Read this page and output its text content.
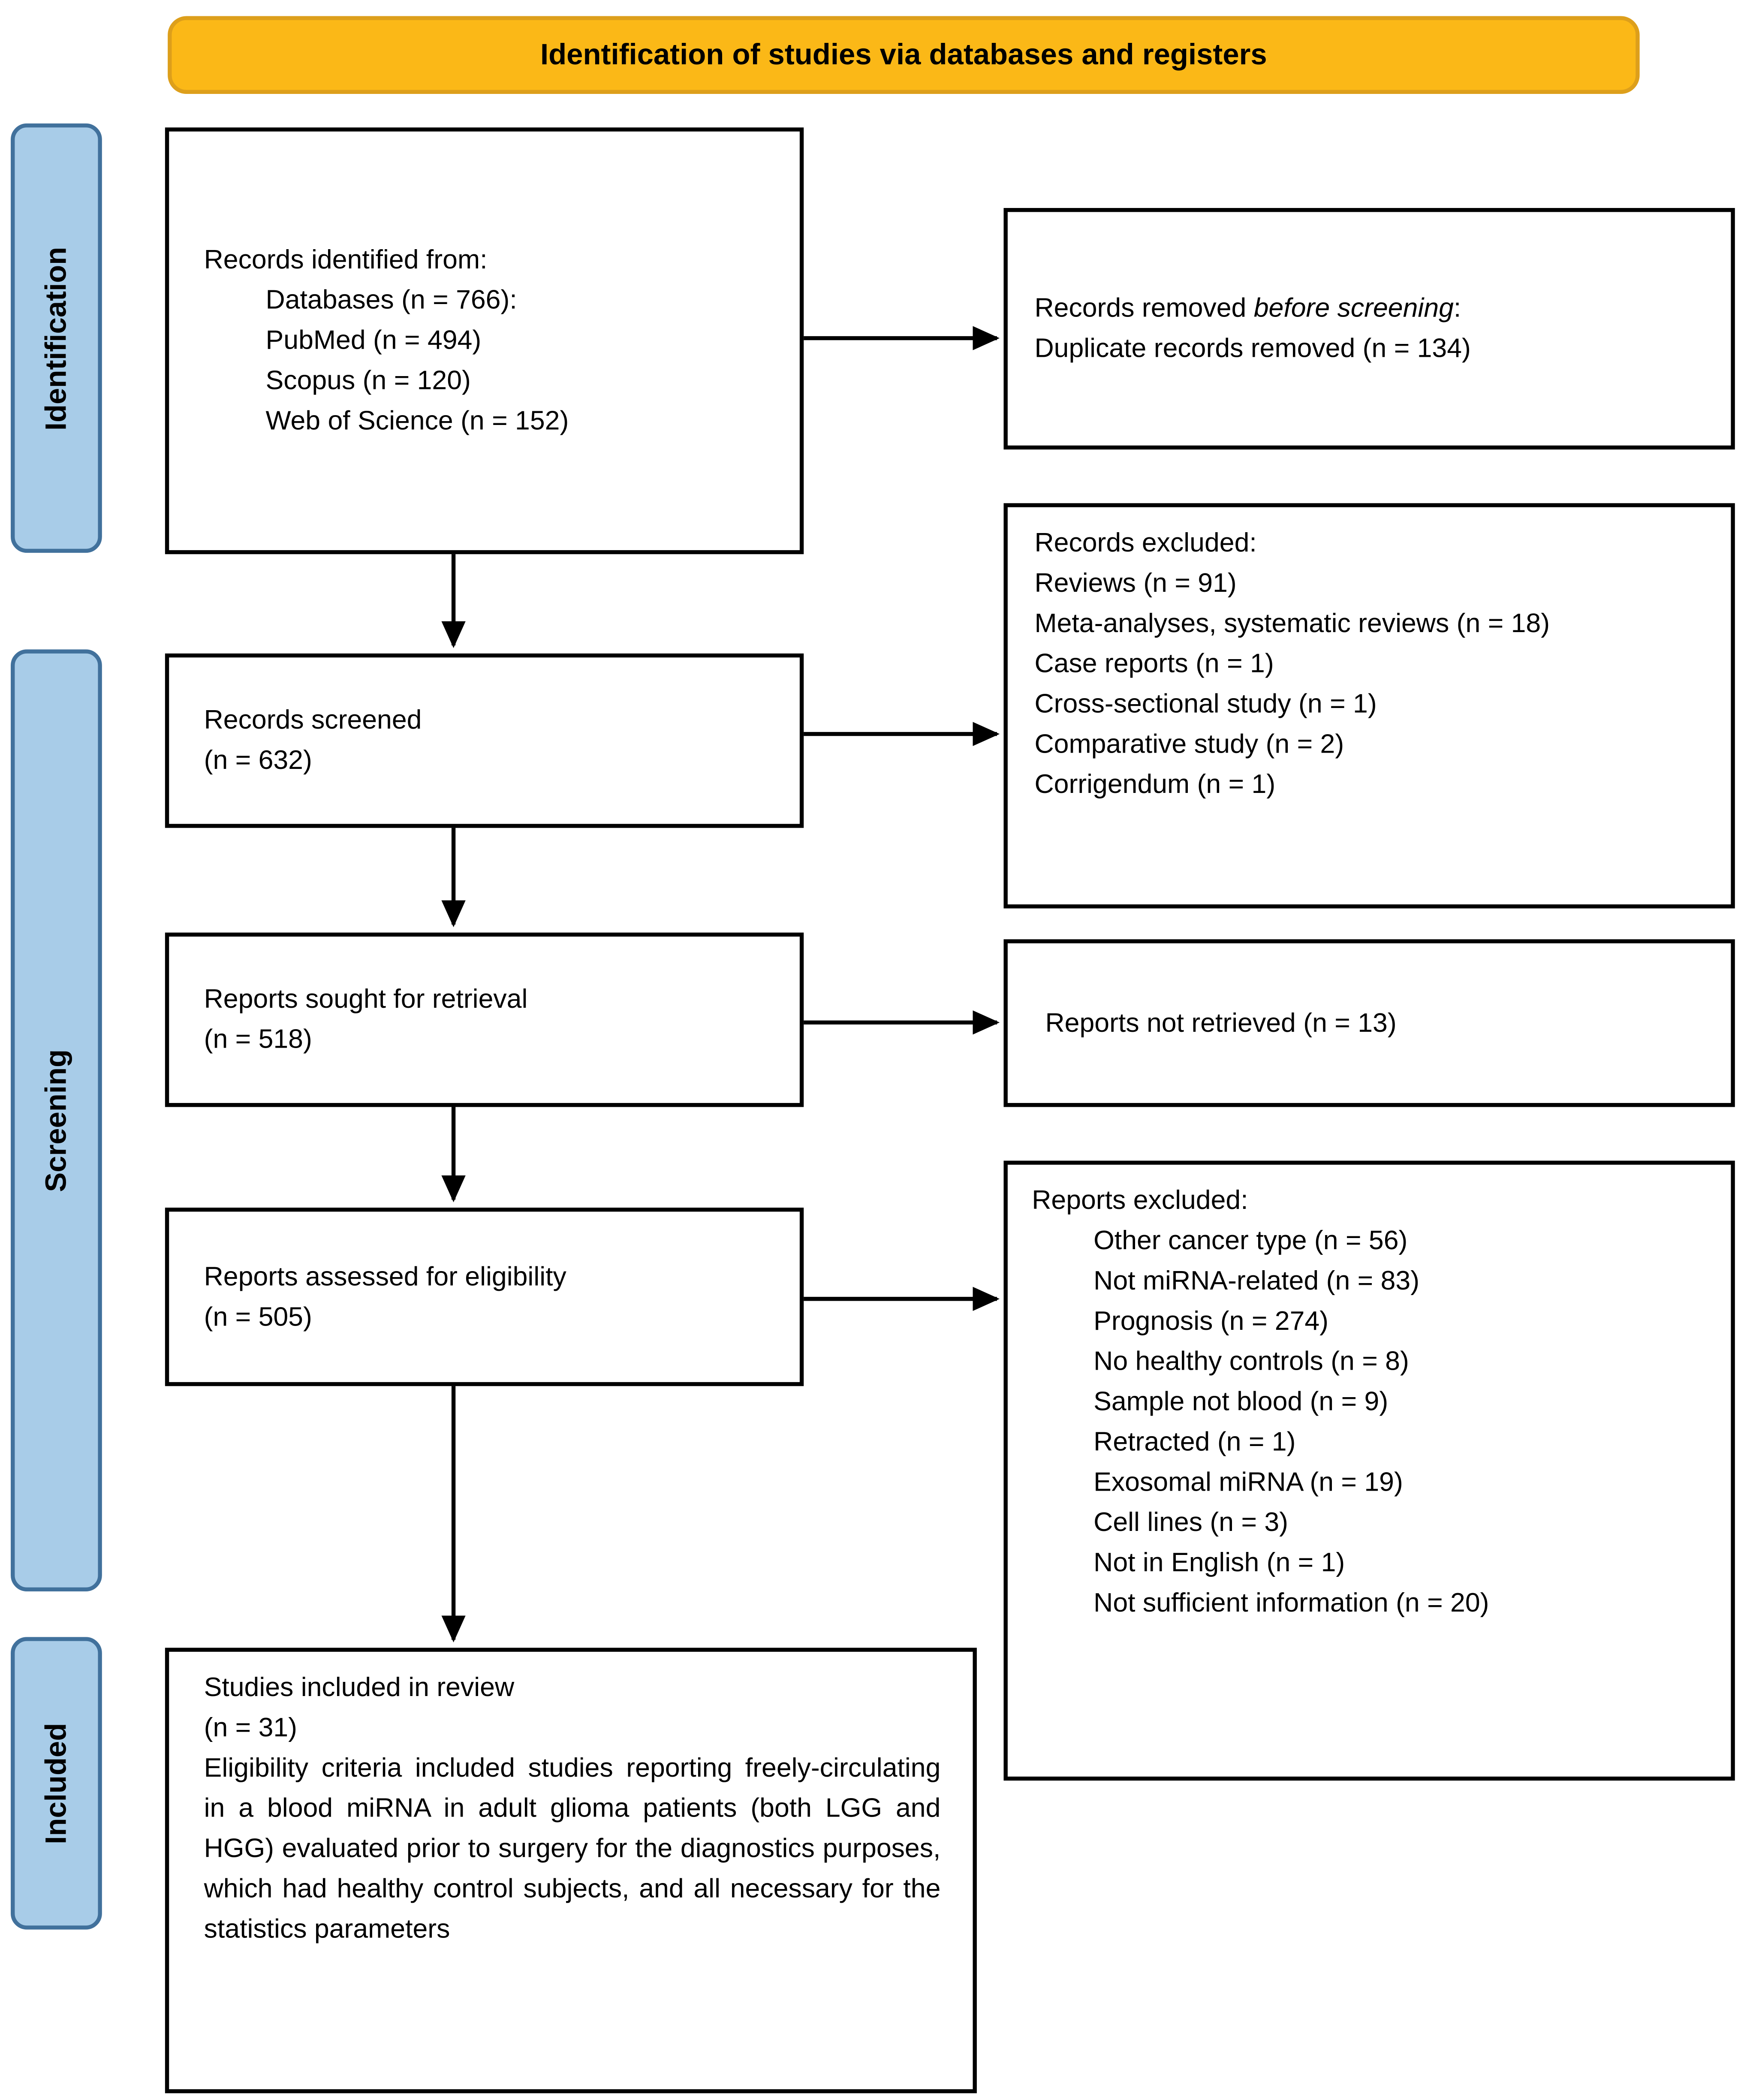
Identification of studies via databases and registers
Identification
Screening
Included
Records identified from:
Databases (n = 766):
PubMed (n = 494)
Scopus (n = 120)
Web of Science (n = 152)
Records screened
(n = 632)
Reports sought for retrieval
(n = 518)
Reports assessed for eligibility
(n = 505)
Studies included in review
(n = 31)
Eligibility criteria included studies reporting freely-circulating in a blood miRNA in adult glioma patients (both LGG and HGG) evaluated prior to surgery for the diagnostics purposes, which had healthy control subjects, and all necessary for the statistics parameters
Records removed before screening:
Duplicate records removed (n = 134)
Records excluded:
Reviews (n = 91)
Meta-analyses, systematic reviews (n = 18)
Case reports (n = 1)
Cross-sectional study (n = 1)
Comparative study (n = 2)
Corrigendum (n = 1)
Reports not retrieved (n = 13)
Reports excluded:
Other cancer type (n = 56)
Not miRNA-related (n = 83)
Prognosis (n = 274)
No healthy controls (n = 8)
Sample not blood (n = 9)
Retracted (n = 1)
Exosomal miRNA (n = 19)
Cell lines (n = 3)
Not in English (n = 1)
Not sufficient information (n = 20)
